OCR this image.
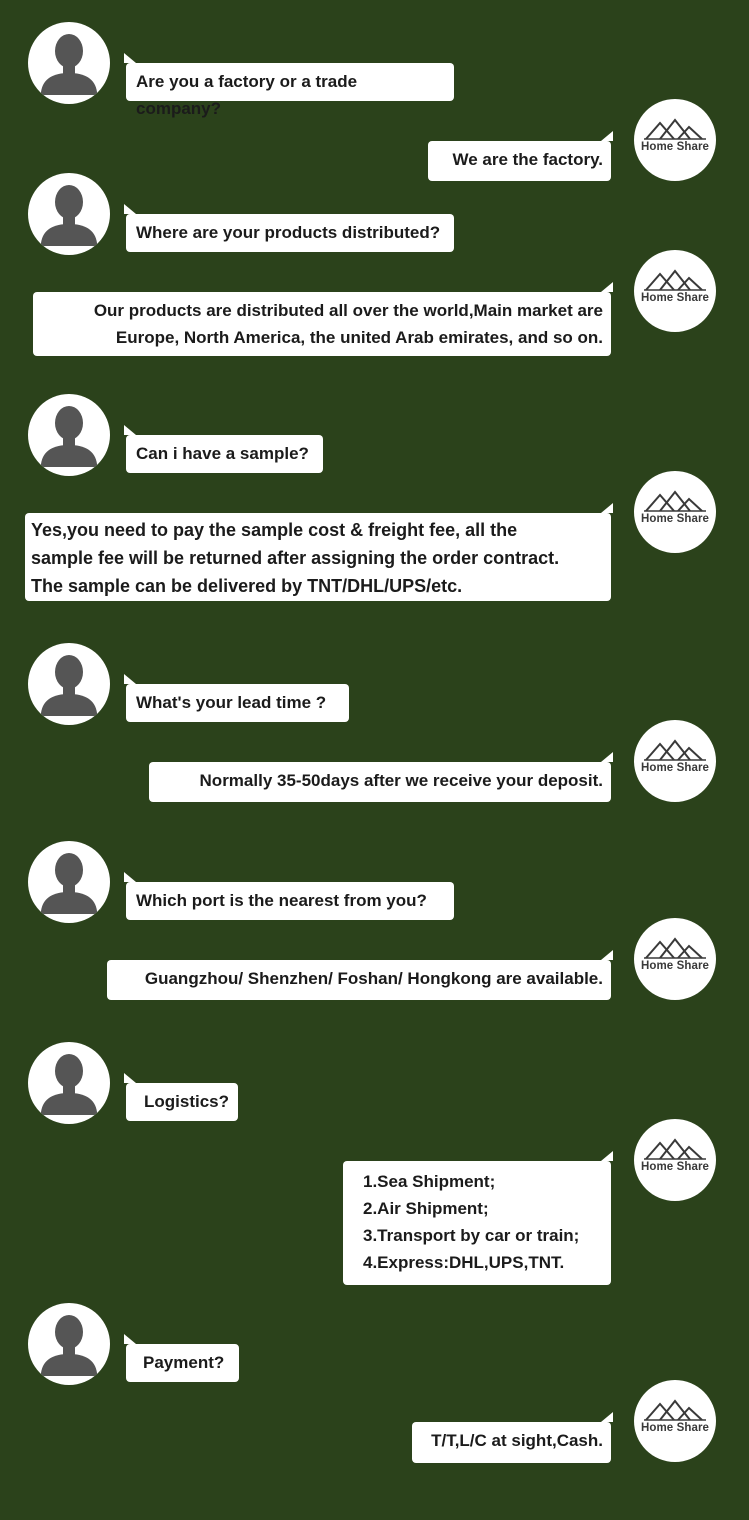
Are you a factory or a trade company?
Home Share
We are the factory.
Where are your products distributed?
Home Share
Our products are distributed all over the world,Main market are
Europe, North America, the united Arab emirates, and so on.
Can i have a sample?
Home Share
Yes,you need to pay the sample cost & freight fee, all the
sample fee will be returned after assigning the order contract.
The sample can be delivered by TNT/DHL/UPS/etc.
What's your lead time ?
Home Share
Normally 35-50days after we receive your deposit.
Which port is the nearest from you?
Home Share
Guangzhou/ Shenzhen/ Foshan/ Hongkong are available.
Logistics?
Home Share
1.Sea Shipment;
2.Air Shipment;
3.Transport by car or train;
4.Express:DHL,UPS,TNT.
Payment?
Home Share
T/T,L/C at sight,Cash.
